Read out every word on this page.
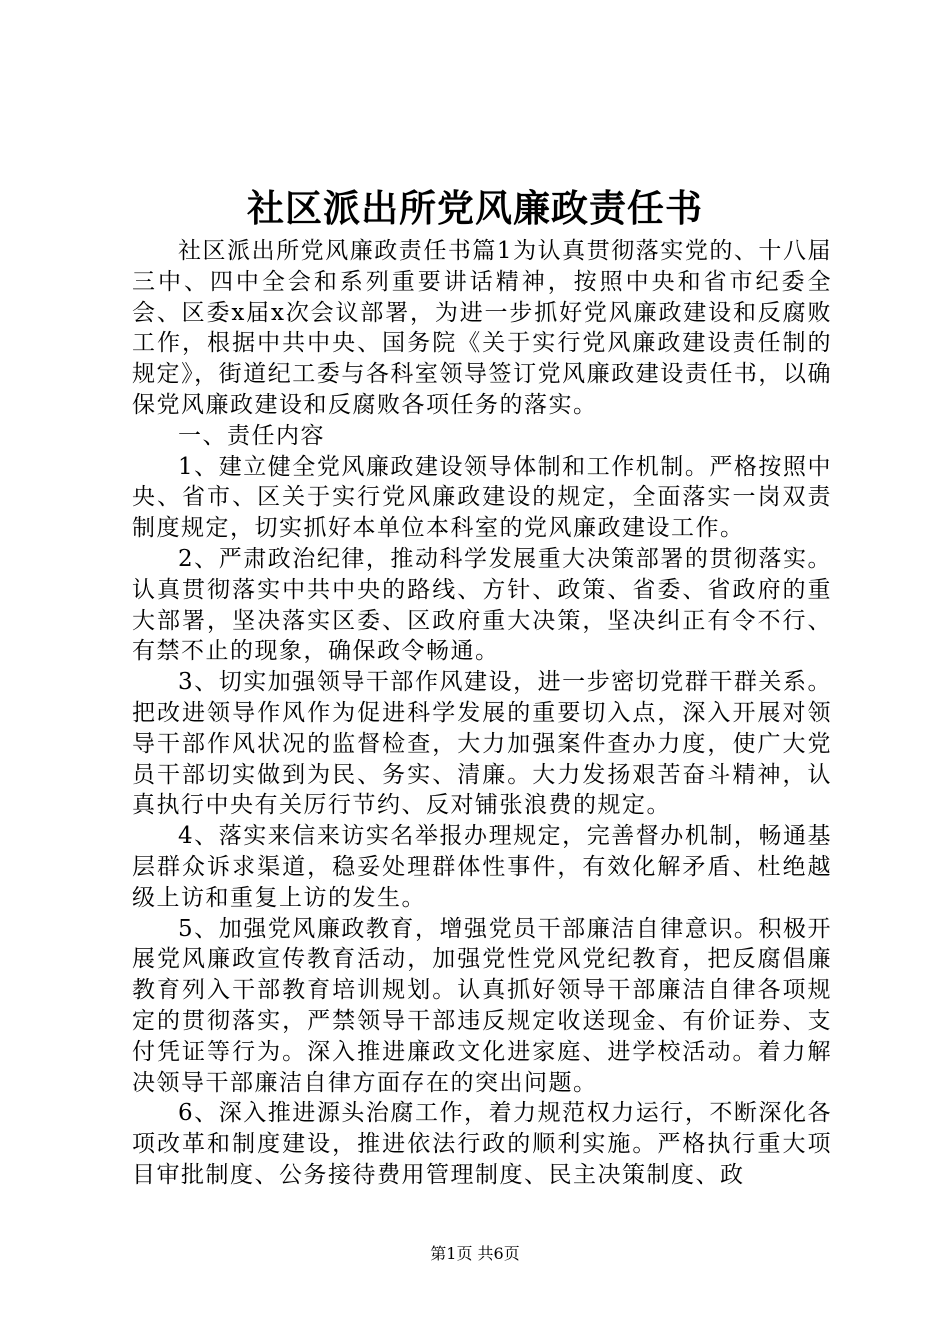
社区派出所党风廉政责任书

社区派出所党风廉政责任书篇1为认真贯彻落实党的、十八届三中、四中全会和系列重要讲话精神，按照中央和省市纪委全会、区委x届x次会议部署，为进一步抓好党风廉政建设和反腐败工作，根据中共中央、国务院《关于实行党风廉政建设责任制的规定》，街道纪工委与各科室领导签订党风廉政建设责任书，以确保党风廉政建设和反腐败各项任务的落实。

一、责任内容

1、建立健全党风廉政建设领导体制和工作机制。严格按照中央、省市、区关于实行党风廉政建设的规定，全面落实一岗双责制度规定，切实抓好本单位本科室的党风廉政建设工作。

2、严肃政治纪律，推动科学发展重大决策部署的贯彻落实。认真贯彻落实中共中央的路线、方针、政策、省委、省政府的重大部署，坚决落实区委、区政府重大决策，坚决纠正有令不行、有禁不止的现象，确保政令畅通。

3、切实加强领导干部作风建设，进一步密切党群干群关系。把改进领导作风作为促进科学发展的重要切入点，深入开展对领导干部作风状况的监督检查，大力加强案件查办力度，使广大党员干部切实做到为民、务实、清廉。大力发扬艰苦奋斗精神，认真执行中央有关厉行节约、反对铺张浪费的规定。

4、落实来信来访实名举报办理规定，完善督办机制，畅通基层群众诉求渠道，稳妥处理群体性事件，有效化解矛盾、杜绝越级上访和重复上访的发生。

5、加强党风廉政教育，增强党员干部廉洁自律意识。积极开展党风廉政宣传教育活动，加强党性党风党纪教育，把反腐倡廉教育列入干部教育培训规划。认真抓好领导干部廉洁自律各项规定的贯彻落实，严禁领导干部违反规定收送现金、有价证券、支付凭证等行为。深入推进廉政文化进家庭、进学校活动。着力解决领导干部廉洁自律方面存在的突出问题。

6、深入推进源头治腐工作，着力规范权力运行，不断深化各项改革和制度建设，推进依法行政的顺利实施。严格执行重大项目审批制度、公务接待费用管理制度、民主决策制度、政

第1页 共6页
